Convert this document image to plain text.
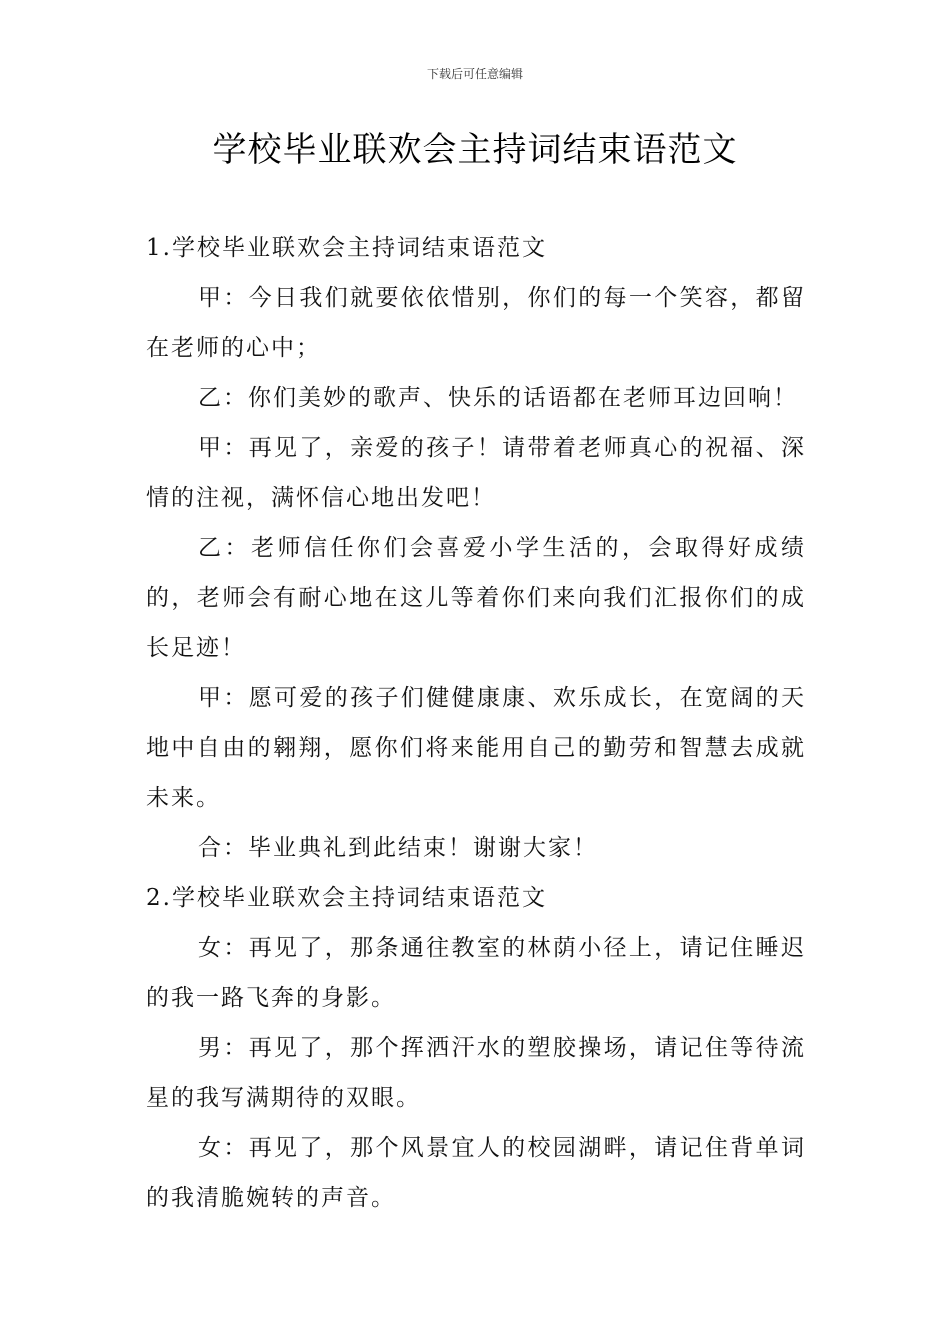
下载后可任意编辑
学校毕业联欢会主持词结束语范文

1.学校毕业联欢会主持词结束语范文

甲：今日我们就要依依惜别，你们的每一个笑容，都留在老师的心中；

乙：你们美妙的歌声、快乐的话语都在老师耳边回响！

甲：再见了，亲爱的孩子！请带着老师真心的祝福、深情的注视，满怀信心地出发吧！

乙：老师信任你们会喜爱小学生活的，会取得好成绩的，老师会有耐心地在这儿等着你们来向我们汇报你们的成长足迹！

甲：愿可爱的孩子们健健康康、欢乐成长，在宽阔的天地中自由的翱翔，愿你们将来能用自己的勤劳和智慧去成就未来。

合：毕业典礼到此结束！谢谢大家！

2.学校毕业联欢会主持词结束语范文

女：再见了，那条通往教室的林荫小径上，请记住睡迟的我一路飞奔的身影。

男：再见了，那个挥洒汗水的塑胶操场，请记住等待流星的我写满期待的双眼。

女：再见了，那个风景宜人的校园湖畔，请记住背单词的我清脆婉转的声音。
